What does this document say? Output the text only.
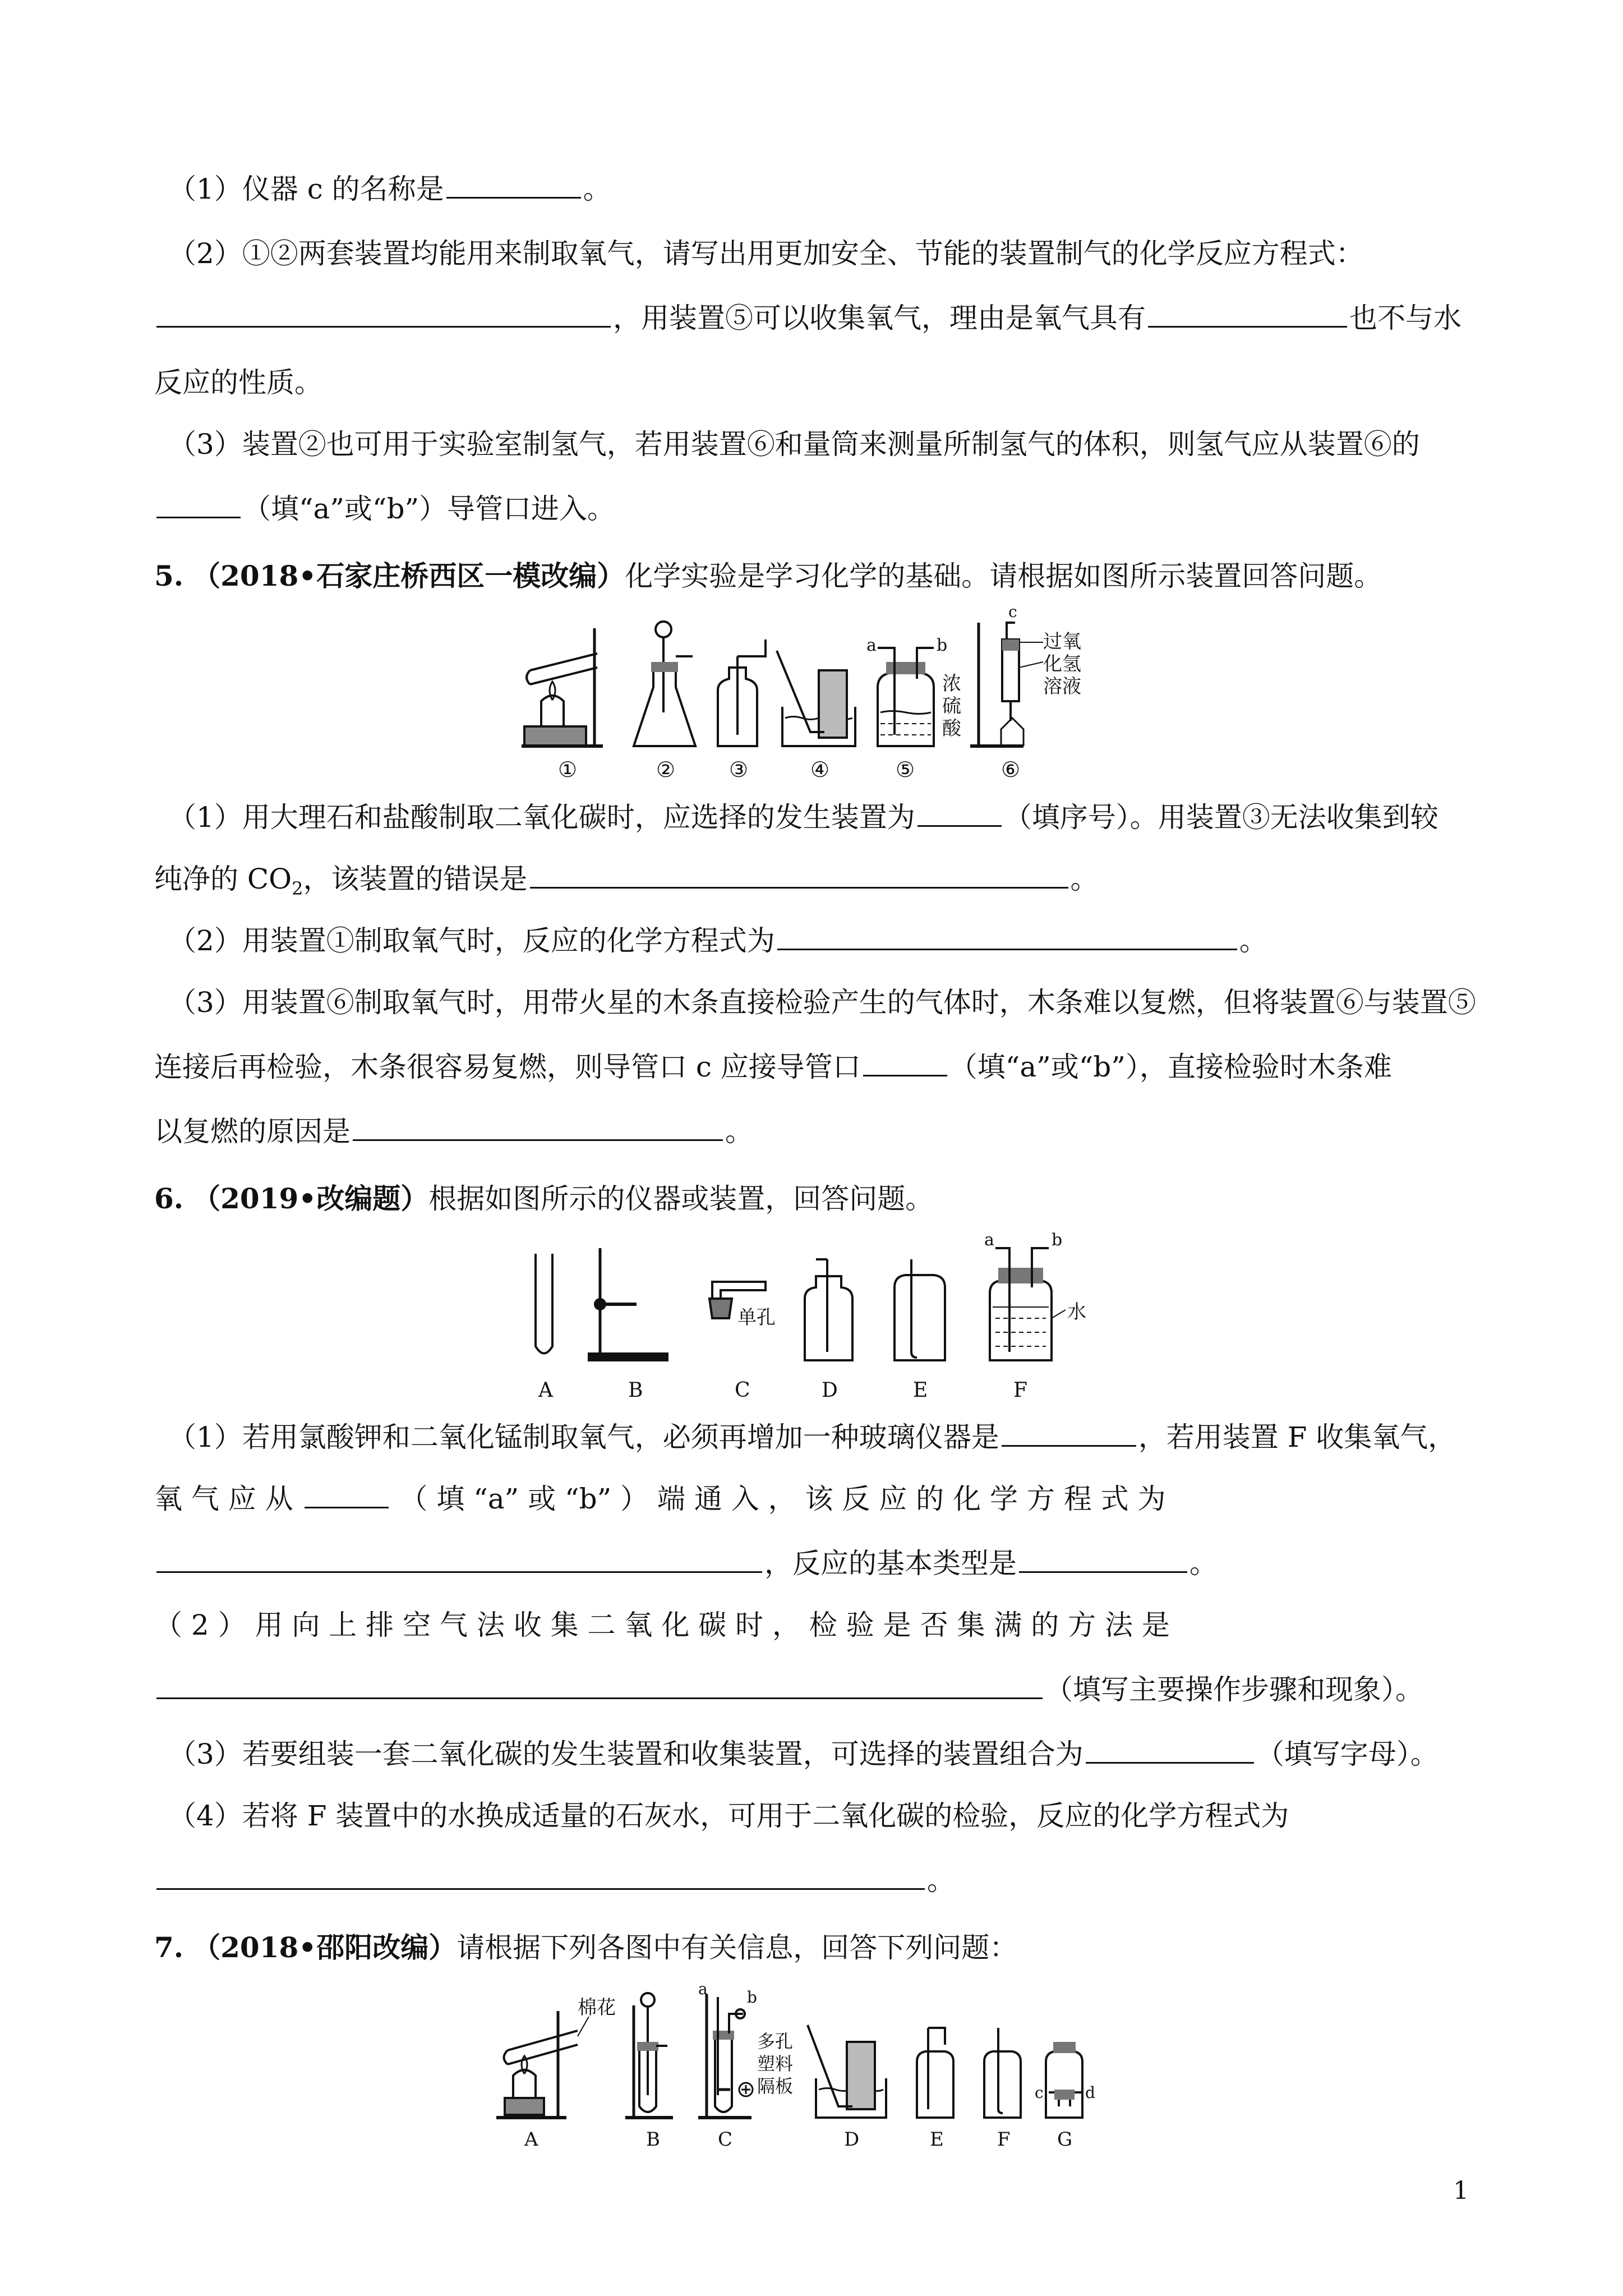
（1）仪器 c 的名称是	。
（2）①②两套装置均能用来制取氧气，请写出用更加安全、节能的装置制气的化学反应方程式：
，用装置⑤可以收集氧气，理由是氧气具有	也不与水
反应的性质。
（3）装置②也可用于实验室制氢气，若用装置⑥和量筒来测量所制氢气的体积，则氢气应从装置⑥的
（填“a”或“b”）导管口进入。
5. （2018•石家庄桥西区一模改编）化学实验是学习化学的基础。请根据如图所示装置回答问题。
a	b
浓
硫
酸
c
过氧
化氢
溶液
①	②	③	④	⑤	⑥
（1）用大理石和盐酸制取二氧化碳时，应选择的发生装置为	（填序号）。用装置③无法收集到较
纯净的 $CO_2$，该装置的错误是	。
（2）用装置①制取氧气时，反应的化学方程式为	。
（3）用装置⑥制取氧气时，用带火星的木条直接检验产生的气体时，木条难以复燃，但将装置⑥与装置⑤
连接后再检验，木条很容易复燃，则导管口 c 应接导管口	（填“a”或“b”），直接检验时木条难
以复燃的原因是	。
6. （2019•改编题）根据如图所示的仪器或装置，回答问题。
单孔
a	b
水
A	B	C	D	E	F
（1）若用氯酸钾和二氧化锰制取氧气，必须再增加一种玻璃仪器是	，若用装置 F 收集氧气，
氧 气 应 从	（ 填 “a” 或 “b” ） 端 通 入 ， 该 反 应 的 化 学 方 程 式 为
，反应的基本类型是	。
（ 2 ） 用 向 上 排 空 气 法 收 集 二 氧 化 碳 时 ， 检 验 是 否 集 满 的 方 法 是
（填写主要操作步骤和现象）。
（3）若要组装一套二氧化碳的发生装置和收集装置，可选择的装置组合为	（填写字母）。
（4）若将 F 装置中的水换成适量的石灰水，可用于二氧化碳的检验，反应的化学方程式为
。
7. （2018•邵阳改编）请根据下列各图中有关信息，回答下列问题：
棉花
a	b
多孔
塑料
隔板	c	d
A	B	C	D	E	F G
1
